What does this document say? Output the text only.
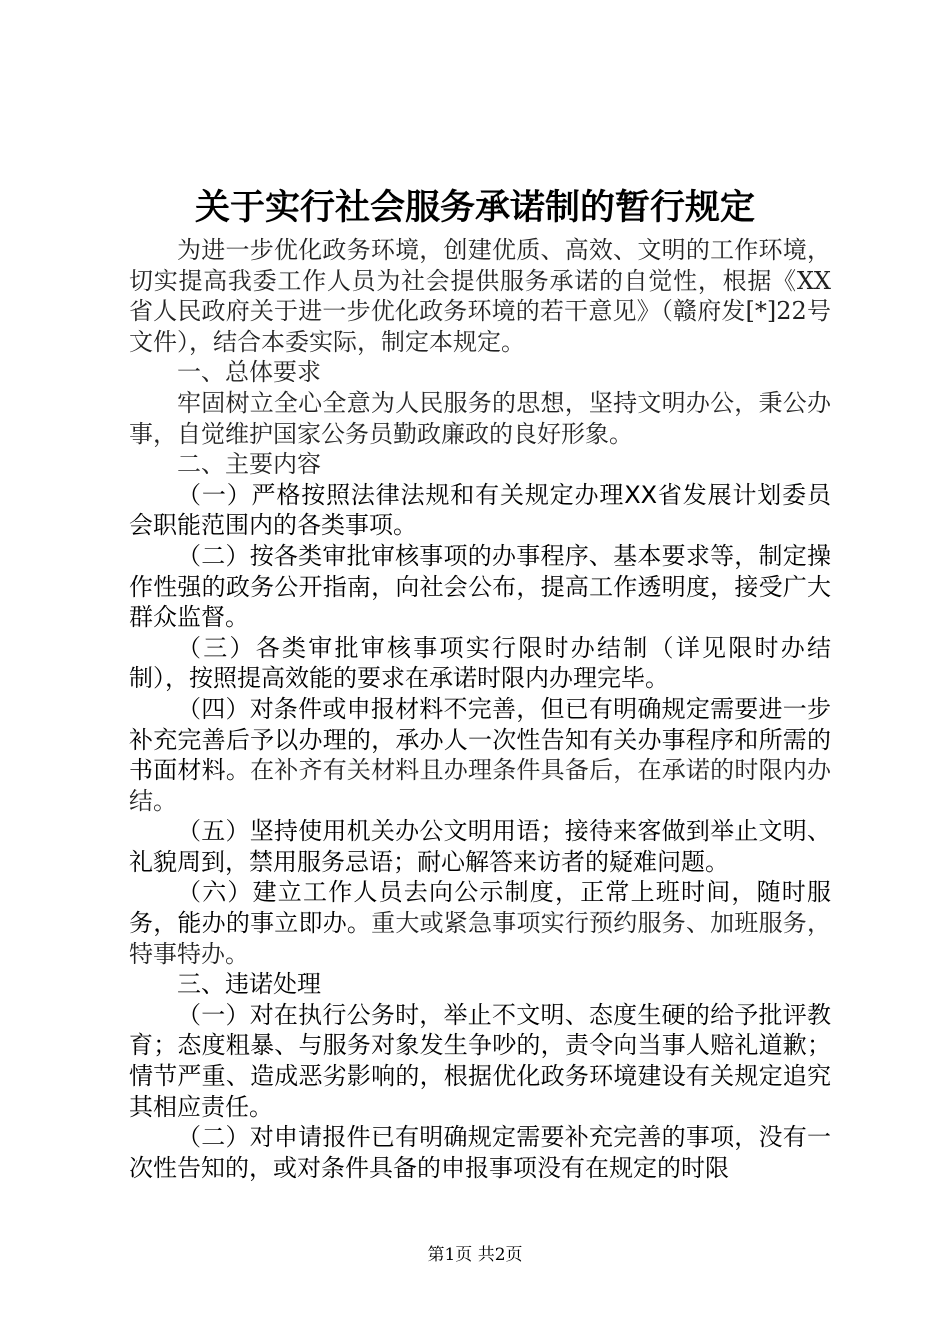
关于实行社会服务承诺制的暂行规定

为进一步优化政务环境，创建优质、高效、文明的工作环境，切实提高我委工作人员为社会提供服务承诺的自觉性，根据《XX省人民政府关于进一步优化政务环境的若干意见》（赣府发[*]22号文件），结合本委实际，制定本规定。

一、总体要求

牢固树立全心全意为人民服务的思想，坚持文明办公，秉公办事，自觉维护国家公务员勤政廉政的良好形象。

二、主要内容

（一）严格按照法律法规和有关规定办理XX省发展计划委员会职能范围内的各类事项。

（二）按各类审批审核事项的办事程序、基本要求等，制定操作性强的政务公开指南，向社会公布，提高工作透明度，接受广大群众监督。

（三）各类审批审核事项实行限时办结制（详见限时办结制），按照提高效能的要求在承诺时限内办理完毕。

（四）对条件或申报材料不完善，但已有明确规定需要进一步补充完善后予以办理的，承办人一次性告知有关办事程序和所需的书面材料。在补齐有关材料且办理条件具备后，在承诺的时限内办结。

（五）坚持使用机关办公文明用语；接待来客做到举止文明、礼貌周到，禁用服务忌语；耐心解答来访者的疑难问题。

（六）建立工作人员去向公示制度，正常上班时间，随时服务，能办的事立即办。重大或紧急事项实行预约服务、加班服务，特事特办。

三、违诺处理

（一）对在执行公务时，举止不文明、态度生硬的给予批评教育；态度粗暴、与服务对象发生争吵的，责令向当事人赔礼道歉；情节严重、造成恶劣影响的，根据优化政务环境建设有关规定追究其相应责任。

（二）对申请报件已有明确规定需要补充完善的事项，没有一次性告知的，或对条件具备的申报事项没有在规定的时限

第1页 共2页
